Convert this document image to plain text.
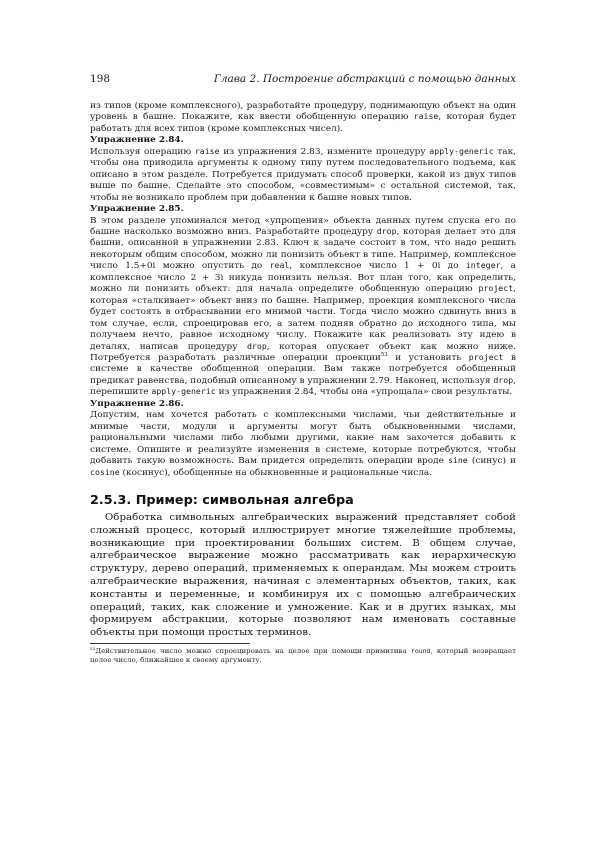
198	Глава 2. Построение абстракций с помощью данных

из типов (кроме комплексного), разработайте процедуру, поднимающую объект на один уровень в башне. Покажите, как ввести обобщенную операцию raise, которая будет работать для всех типов (кроме комплексных чисел).

Упражнение 2.84.

Используя операцию raise из упражнения 2.83, измените процедуру apply-generic так, чтобы она приводила аргументы к одному типу путем последовательного подъема, как описано в этом разделе. Потребуется придумать способ проверки, какой из двух типов выше по башне. Сделайте это способом, «совместимым» с остальной системой, так, чтобы не возникало проблем при добавлении к башне новых типов.

Упражнение 2.85.

В этом разделе упоминался метод «упрощения» объекта данных путем спуска его по башне насколько возможно вниз. Разработайте процедуру drop, которая делает это для башни, описанной в упражнении 2.83. Ключ к задаче состоит в том, что надо решить некоторым общим способом, можно ли понизить объект в типе. Например, комплексное число 1.5+0i можно опустить до real, комплексное число 1 + 0i до integer, а комплексное число 2 + 3i никуда понизить нельзя. Вот план того, как определить, можно ли понизить объект: для начала определите обобщенную операцию project, которая «сталкивает» объект вниз по башне. Например, проекция комплексного числа будет состоять в отбрасывании его мнимой части. Тогда число можно сдвинуть вниз в том случае, если, спроецировав его, а затем подняв обратно до исходного типа, мы получаем нечто, равное исходному числу. Покажите как реализовать эту идею в деталях, написав процедуру drop, которая опускает объект как можно ниже. Потребуется разработать различные операции проекции$^{53}$ и установить project в системе в качестве обобщенной операции. Вам также потребуется обобщенный предикат равенства, подобный описанному в упражнении 2.79. Наконец, используя drop, перепишите apply-generic из упражнения 2.84, чтобы она «упрощала» свои результаты.

Упражнение 2.86.

Допустим, нам хочется работать с комплексными числами, чьи действительные и мнимые части, модули и аргументы могут быть обыкновенными числами, рациональными числами либо любыми другими, какие нам захочется добавить к системе. Опишите и реализуйте изменения в системе, которые потребуются, чтобы добавить такую возможность. Вам придется определить операции вроде sine (синус) и cosine (косинус), обобщенные на обыкновенные и рациональные числа.

2.5.3. Пример: символьная алгебра

Обработка символьных алгебраических выражений представляет собой сложный процесс, который иллюстрирует многие тяжелейшие проблемы, возникающие при проектировании больших систем. В общем случае, алгебраическое выражение можно рассматривать как иерархическую структуру, дерево операций, применяемых к операндам. Мы можем строить алгебраические выражения, начиная с элементарных объектов, таких, как константы и переменные, и комбинируя их с помощью алгебраических операций, таких, как сложение и умножение. Как и в других языках, мы формируем абстракции, которые позволяют нам именовать составные объекты при помощи простых терминов.

$^{53}$Действительное число можно спроецировать на целое при помощи примитива round, который возвращает целое число, ближайшее к своему аргументу.
